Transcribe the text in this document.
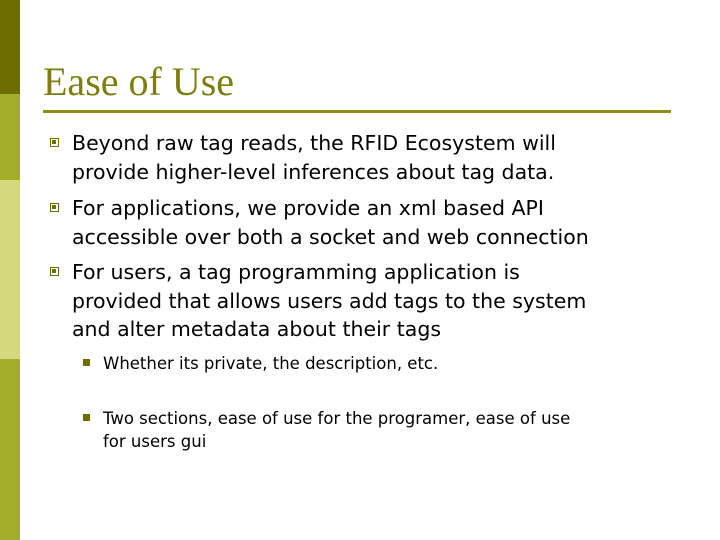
Ease of Use
Beyond raw tag reads, the RFID Ecosystem will
provide higher-level inferences about tag data.
For applications, we provide an xml based API
accessible over both a socket and web connection
For users, a tag programming application is
provided that allows users add tags to the system
and alter metadata about their tags
Whether its private, the description, etc.
Two sections, ease of use for the programer, ease of use
for users gui
